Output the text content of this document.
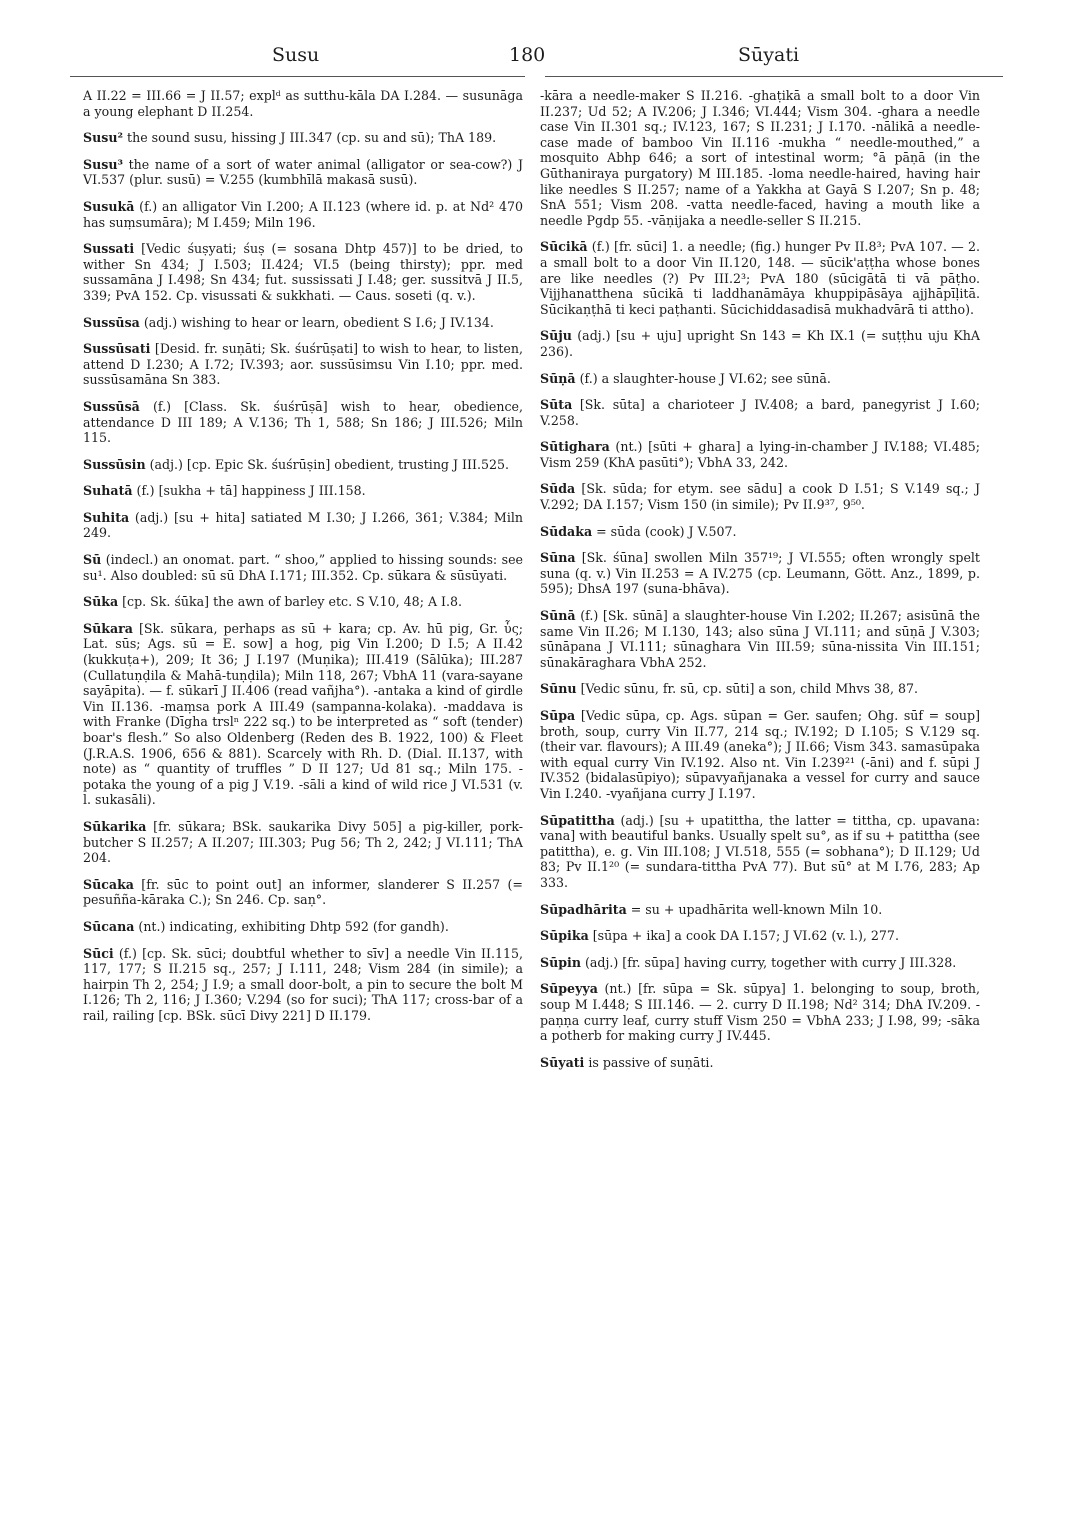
Susu	180	Sūyati
A II.22 = III.66 = J II.57; explᵈ as sutthu-kāla DA I.284. — susunāga a young elephant D II.254.
Susu² the sound susu, hissing J III.347 (cp. su and sū); ThA 189.
Susu³ the name of a sort of water animal (alligator or sea-cow?) J VI.537 (plur. susū) = V.255 (kumbhīlā makasā susū).
Susukā (f.) an alligator Vin I.200; A II.123 (where id. p. at Nd² 470 has suṃsumāra); M I.459; Miln 196.
Sussati [Vedic śuṣyati; śuṣ (= sosana Dhtp 457)] to be dried, to wither Sn 434; J I.503; II.424; VI.5 (being thirsty); ppr. med sussamāna J I.498; Sn 434; fut. sussissati J I.48; ger. sussitvā J II.5, 339; PvA 152. Cp. visussati & sukkhati. — Caus. soseti (q. v.).
Sussūsa (adj.) wishing to hear or learn, obedient S I.6; J IV.134.
Sussūsati [Desid. fr. suṇāti; Sk. śuśrūṣati] to wish to hear, to listen, attend D I.230; A I.72; IV.393; aor. sussūsimsu Vin I.10; ppr. med. sussūsamāna Sn 383.
Sussūsā (f.) [Class. Sk. śuśrūṣā] wish to hear, obedience, attendance D III 189; A V.136; Th 1, 588; Sn 186; J III.526; Miln 115.
Sussūsin (adj.) [cp. Epic Sk. śuśrūṣin] obedient, trusting J III.525.
Suhatā (f.) [sukha + tā] happiness J III.158.
Suhita (adj.) [su + hita] satiated M I.30; J I.266, 361; V.384; Miln 249.
Sū (indecl.) an onomat. part. “ shoo,” applied to hissing sounds: see su¹. Also doubled: sū sū DhA I.171; III.352. Cp. sūkara & sūsūyati.
Sūka [cp. Sk. śūka] the awn of barley etc. S V.10, 48; A I.8.
Sūkara [Sk. sūkara, perhaps as sū + kara; cp. Av. hū pig, Gr. ὗς; Lat. sūs; Ags. sū = E. sow] a hog, pig Vin I.200; D I.5; A II.42 (kukkuṭa+), 209; It 36; J I.197 (Muṇika); III.419 (Sālūka); III.287 (Cullatuṇḍila & Mahā-tuṇḍila); Miln 118, 267; VbhA 11 (vara-sayane sayāpita). — f. sūkarī J II.406 (read vañjha°). -antaka a kind of girdle Vin II.136. -maṃsa pork A III.49 (sampanna-kolaka). -maddava is with Franke (Dīgha trslⁿ 222 sq.) to be interpreted as “ soft (tender) boar's flesh.” So also Oldenberg (Reden des B. 1922, 100) & Fleet (J.R.A.S. 1906, 656 & 881). Scarcely with Rh. D. (Dial. II.137, with note) as “ quantity of truffles ” D II 127; Ud 81 sq.; Miln 175. -potaka the young of a pig J V.19. -sāli a kind of wild rice J VI.531 (v. l. sukasāli).
Sūkarika [fr. sūkara; BSk. saukarika Divy 505] a pig-killer, pork-butcher S II.257; A II.207; III.303; Pug 56; Th 2, 242; J VI.111; ThA 204.
Sūcaka [fr. sūc to point out] an informer, slanderer S II.257 (= pesuññа-kāraka C.); Sn 246. Cp. saṇ°.
Sūcana (nt.) indicating, exhibiting Dhtp 592 (for gandh).
Sūci (f.) [cp. Sk. sūci; doubtful whether to sīv] a needle Vin II.115, 117, 177; S II.215 sq., 257; J I.111, 248; Vism 284 (in simile); a hairpin Th 2, 254; J I.9; a small door-bolt, a pin to secure the bolt M I.126; Th 2, 116; J I.360; V.294 (so for suci); ThA 117; cross-bar of a rail, railing [cp. BSk. sūcī Divy 221] D II.179.
-kāra a needle-maker S II.216. -ghaṭikā a small bolt to a door Vin II.237; Ud 52; A IV.206; J I.346; VI.444; Vism 304. -ghara a needle case Vin II.301 sq.; IV.123, 167; S II.231; J I.170. -nālikā a needle-case made of bamboo Vin II.116 -mukha “ needle-mouthed,” a mosquito Abhp 646; a sort of intestinal worm; °ā pāṇā (in the Gūthaniraya purgatory) M III.185. -loma needle-haired, having hair like needles S II.257; name of a Yakkha at Gayā S I.207; Sn p. 48; SnA 551; Vism 208. -vatta needle-faced, having a mouth like a needle Pgdp 55. -vāṇijaka a needle-seller S II.215.
Sūcikā (f.) [fr. sūci] 1. a needle; (fig.) hunger Pv II.8³; PvA 107. — 2. a small bolt to a door Vin II.120, 148. — sūcik'aṭṭha whose bones are like needles (?) Pv III.2³; PvA 180 (sūcigātā ti vā pāṭho. Vijjhanatthena sūcikā ti laddhanāmāya khuppipāsāya ajjhāpīḷitā. Sūcikaṇṭhā ti keci paṭhanti. Sūcichiddasadisā mukhadvārā ti attho).
Sūju (adj.) [su + uju] upright Sn 143 = Kh IX.1 (= suṭṭhu uju KhA 236).
Sūṇā (f.) a slaughter-house J VI.62; see sūnā.
Sūta [Sk. sūta] a charioteer J IV.408; a bard, panegyrist J I.60; V.258.
Sūtighara (nt.) [sūti + ghara] a lying-in-chamber J IV.188; VI.485; Vism 259 (KhA pasūti°); VbhA 33, 242.
Sūda [Sk. sūda; for etym. see sādu] a cook D I.51; S V.149 sq.; J V.292; DA I.157; Vism 150 (in simile); Pv II.9³⁷, 9⁵⁰.
Sūdaka = sūda (cook) J V.507.
Sūna [Sk. śūna] swollen Miln 357¹⁹; J VI.555; often wrongly spelt suna (q. v.) Vin II.253 = A IV.275 (cp. Leumann, Gött. Anz., 1899, p. 595); DhsA 197 (suna-bhāva).
Sūnā (f.) [Sk. sūnā] a slaughter-house Vin I.202; II.267; asisūnā the same Vin II.26; M I.130, 143; also sūna J VI.111; and sūṇā J V.303; sūnāpana J VI.111; sūnaghara Vin III.59; sūna-nissita Vin III.151; sūnakāraghara VbhA 252.
Sūnu [Vedic sūnu, fr. sū, cp. sūti] a son, child Mhvs 38, 87.
Sūpa [Vedic sūpa, cp. Ags. sūpan = Ger. saufen; Ohg. sūf = soup] broth, soup, curry Vin II.77, 214 sq.; IV.192; D I.105; S V.129 sq. (their var. flavours); A III.49 (aneka°); J II.66; Vism 343. samasūpaka with equal curry Vin IV.192. Also nt. Vin I.239²¹ (-āni) and f. sūpi J IV.352 (bidalasūpiyo); sūpavyañjanaka a vessel for curry and sauce Vin I.240. -vyañjana curry J I.197.
Sūpatittha (adj.) [su + upatittha, the latter = tittha, cp. upavana: vana] with beautiful banks. Usually spelt su°, as if su + patittha (see patittha), e. g. Vin III.108; J VI.518, 555 (= sobhana°); D II.129; Ud 83; Pv II.1²⁰ (= sundara-tittha PvA 77). But sū° at M I.76, 283; Ap 333.
Sūpadhārita = su + upadhārita well-known Miln 10.
Sūpika [sūpa + ika] a cook DA I.157; J VI.62 (v. l.), 277.
Sūpin (adj.) [fr. sūpa] having curry, together with curry J III.328.
Sūpeyya (nt.) [fr. sūpa = Sk. sūpya] 1. belonging to soup, broth, soup M I.448; S III.146. — 2. curry D II.198; Nd² 314; DhA IV.209. -paṇṇa curry leaf, curry stuff Vism 250 = VbhA 233; J I.98, 99; -sāka a potherb for making curry J IV.445.
Sūyati is passive of suṇāti.
